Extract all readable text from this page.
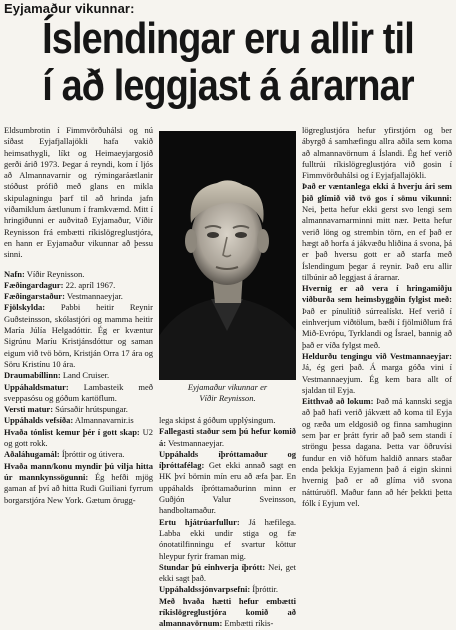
Eyjamaður vikunnar:
Íslendingar eru allir til
í að leggjast á árarnar

Eldsumbrotin í Fimmvörðuhálsi og nú síðast Eyjafjallajökli hafa vakið heimsathygli, líkt og Heimaeyjargosið gerði árið 1973. Þegar á reyndi, kom í ljós að Almannavarnir og rýmingaráætlanir stóðust prófið með glans en mikla skipulagningu þarf til að hrinda jafn viðamiklum áætlunum í framkvæmd. Mitt í hringiðunni er auðvitað Eyjamaður, Víðir Reynisson frá embætti ríkislögreglustjóra, en hann er Eyjamaður vikunnar að þessu sinni.

Nafn: Víðir Reynisson.

Fæðingardagur: 22. apríl 1967.

Fæðingarstaður: Vestmannaeyjar.

Fjölskylda: Pabbi heitir Reynir Guðsteinsson, skólastjóri og mamma heitir María Júlía Helgadóttir. Ég er kvæntur Sigrúnu Maríu Kristjánsdóttur og saman eigum við tvö börn, Kristján Orra 17 ára og Söru Kristínu 10 ára.

Draumabíllinn: Land Cruiser.

Uppáhaldsmatur: Lambasteik með sveppasósu og góðum kartöflum.

Versti matur: Súrsaðir hrútspungar.

Uppáhalds vefsíða: Almannavarnir.is

Hvaða tónlist kemur þér í gott skap: U2 og gott rokk.

Aðaláhugamál: Íþróttir og útivera.

Hvaða mann/konu myndir þú vilja hitta úr mannkynssögunni: Ég hefði mjög gaman af því að hitta Rudi Guiliani fyrrum borgarstjóra New York. Gætum örugg-

Eyjamaður vikunnar er
Víðir Reynisson.

lega skipst á góðum upplýsingum.

Fallegasti staður sem þú hefur komið á: Vestmannaeyjar.

Uppáhalds íþróttamaður og íþróttafélag: Get ekki annað sagt en HK því börnin mín eru að æfa þar. En uppáhalds íþróttamaðurinn minn er Guðjón Valur Sveinsson, handboltamaður.

Ertu hjátrúarfullur: Já hæfilega. Labba ekki undir stiga og fæ ónotatilfinningu ef svartur köttur hleypur fyrir framan mig.

Stundar þú einhverja íþrótt: Nei, get ekki sagt það.

Uppáhaldssjónvarpsefni: Íþróttir.

Með hvaða hætti hefur embætti ríkislögreglustjóra komið að almannavörnum: Embætti ríkis-

lögreglustjóra hefur yfirstjórn og ber ábyrgð á samhæfingu allra aðila sem koma að almannavörnum á Íslandi. Ég hef verið fulltrúi ríkislögreglustjóra við gosin í Fimmvörðuhálsi og í Eyjafjallajökli.

Það er væntanlega ekki á hverju ári sem þið glímið við tvö gos í sömu vikunni: Nei, þetta hefur ekki gerst svo lengi sem almannavarnarminni mitt nær. Þetta hefur verið löng og strembin törn, en ef það er hægt að horfa á jákvæðu hliðina á svona, þá er það hversu gott er að starfa með Íslendingum þegar á reynir. Það eru allir tilbúnir að leggjast á árarnar.

Hvernig er að vera í hringamiðju viðburða sem heimsbyggðin fylgist með: Það er pínulítið súrrealískt. Hef verið í einhverjum viðtölum, bæði í fjölmiðlum frá Mið-Evrópu, Tyrklandi og Ísrael, bannig að það er víða fylgst með.

Heldurðu tengingu við Vestmannaeyjar: Já, ég geri það. Á marga góða vini í Vestmannaeyjum. Ég kem bara allt of sjaldan til Eyja.

Eitthvað að lokum: Það má kannski segja að það hafi verið jákvætt að koma til Eyja og ræða um eldgosið og finna samhuginn sem þar er þrátt fyrir að það sem standi í ströngu þessa dagana. Þetta var öðruvísi fundur en við höfum haldið annars staðar enda þekkja Eyjamenn það á eigin skinni hvernig það er að glíma við svona náttúruöfl. Maður fann að hér þekkti þetta fólk í Eyjum vel.
